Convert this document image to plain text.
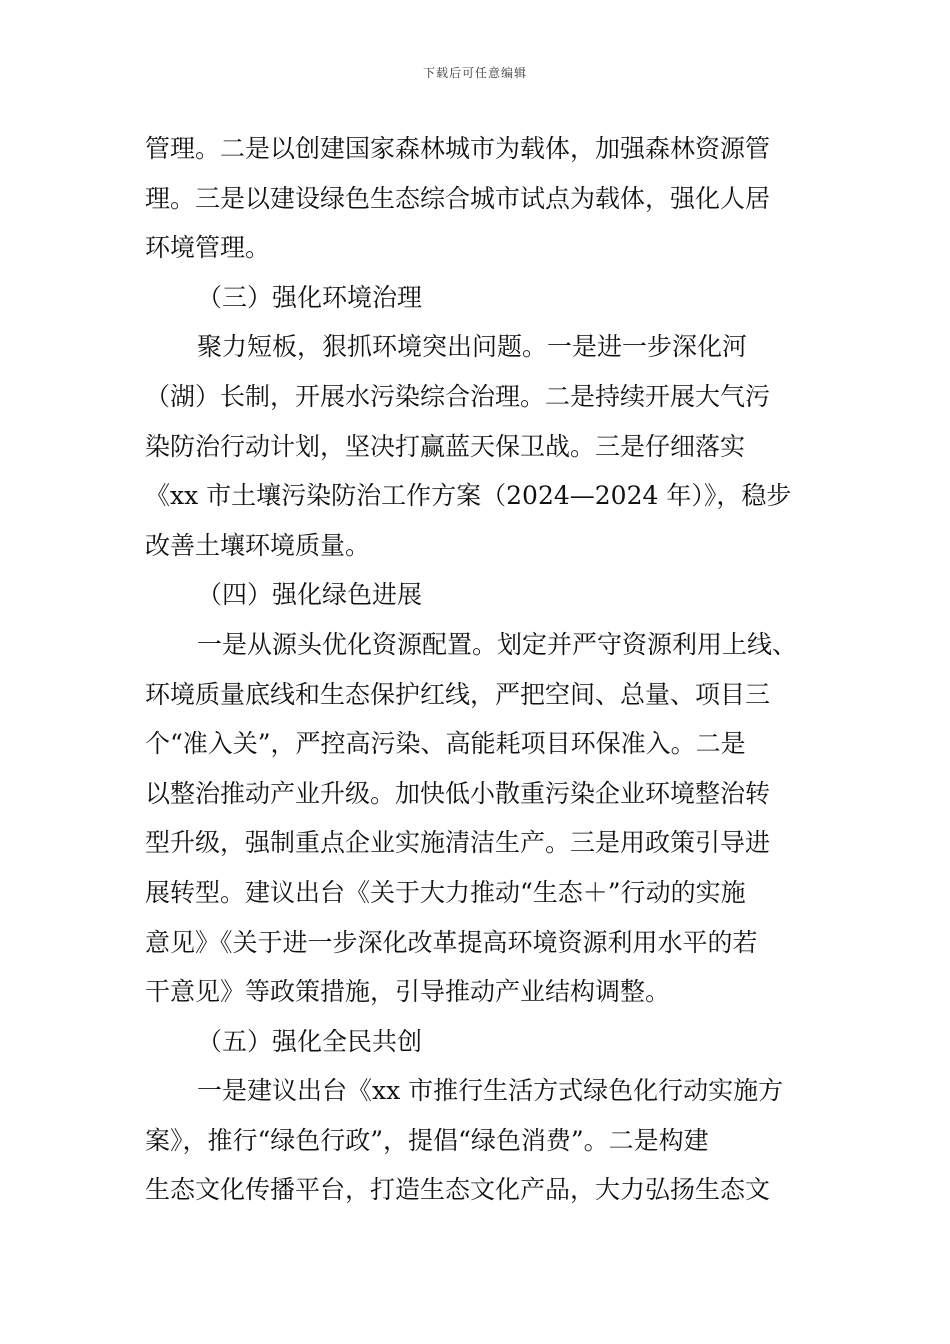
下载后可任意编辑
管理。二是以创建国家森林城市为载体，加强森林资源管
理。三是以建设绿色生态综合城市试点为载体，强化人居
环境管理。
（三）强化环境治理
聚力短板，狠抓环境突出问题。一是进一步深化河
（湖）长制，开展水污染综合治理。二是持续开展大气污
染防治行动计划，坚决打赢蓝天保卫战。三是仔细落实
《xx 市土壤污染防治工作方案（2024—2024 年）》，稳步
改善土壤环境质量。
（四）强化绿色进展
一是从源头优化资源配置。划定并严守资源利用上线、
环境质量底线和生态保护红线，严把空间、总量、项目三
个“准入关”，严控高污染、高能耗项目环保准入。二是
以整治推动产业升级。加快低小散重污染企业环境整治转
型升级，强制重点企业实施清洁生产。三是用政策引导进
展转型。建议出台《关于大力推动“生态＋”行动的实施
意见》《关于进一步深化改革提高环境资源利用水平的若
干意见》等政策措施，引导推动产业结构调整。
（五）强化全民共创
一是建议出台《xx 市推行生活方式绿色化行动实施方
案》，推行“绿色行政”，提倡“绿色消费”。二是构建
生态文化传播平台，打造生态文化产品，大力弘扬生态文
